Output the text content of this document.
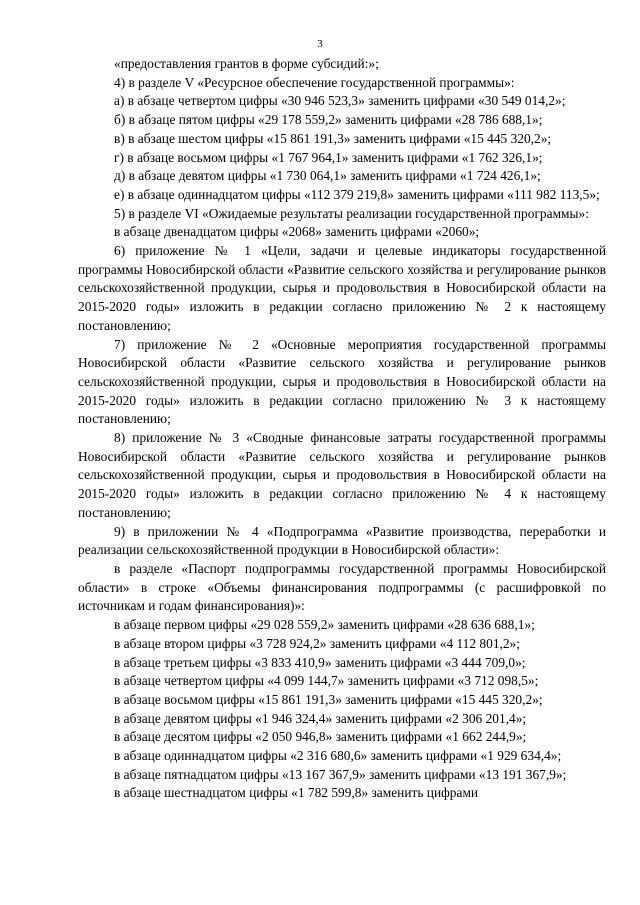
3

«предоставления грантов в форме субсидий:»;

4) в разделе V «Ресурсное обеспечение государственной программы»:

а) в абзаце четвертом цифры «30 946 523,3» заменить цифрами «30 549 014,2»;

б) в абзаце пятом цифры «29 178 559,2» заменить цифрами «28 786 688,1»;

в) в абзаце шестом цифры «15 861 191,3» заменить цифрами «15 445 320,2»;

г) в абзаце восьмом цифры «1 767 964,1» заменить цифрами «1 762 326,1»;

д) в абзаце девятом цифры «1 730 064,1» заменить цифрами «1 724 426,1»;

е) в абзаце одиннадцатом цифры «112 379 219,8» заменить цифрами «111 982 113,5»;

5) в разделе VI «Ожидаемые результаты реализации государственной программы»:

в абзаце двенадцатом цифры «2068» заменить цифрами «2060»;

6) приложение № 1 «Цели, задачи и целевые индикаторы государственной программы Новосибирской области «Развитие сельского хозяйства и регулирование рынков сельскохозяйственной продукции, сырья и продовольствия в Новосибирской области на 2015-2020 годы» изложить в редакции согласно приложению № 2 к настоящему постановлению;

7) приложение № 2 «Основные мероприятия государственной программы Новосибирской области «Развитие сельского хозяйства и регулирование рынков сельскохозяйственной продукции, сырья и продовольствия в Новосибирской области на 2015-2020 годы» изложить в редакции согласно приложению № 3 к настоящему постановлению;

8) приложение № 3 «Сводные финансовые затраты государственной программы Новосибирской области «Развитие сельского хозяйства и регулирование рынков сельскохозяйственной продукции, сырья и продовольствия в Новосибирской области на 2015-2020 годы» изложить в редакции согласно приложению № 4 к настоящему постановлению;

9) в приложении № 4 «Подпрограмма «Развитие производства, переработки и реализации сельскохозяйственной продукции в Новосибирской области»:

в разделе «Паспорт подпрограммы государственной программы Новосибирской области» в строке «Объемы финансирования подпрограммы (с расшифровкой по источникам и годам финансирования)»:

в абзаце первом цифры «29 028 559,2» заменить цифрами «28 636 688,1»;

в абзаце втором цифры «3 728 924,2» заменить цифрами «4 112 801,2»;

в абзаце третьем цифры «3 833 410,9» заменить цифрами «3 444 709,0»;

в абзаце четвертом цифры «4 099 144,7» заменить цифрами «3 712 098,5»;

в абзаце восьмом цифры «15 861 191,3» заменить цифрами «15 445 320,2»;

в абзаце девятом цифры «1 946 324,4» заменить цифрами «2 306 201,4»;

в абзаце десятом цифры «2 050 946,8» заменить цифрами «1 662 244,9»;

в абзаце одиннадцатом цифры «2 316 680,6» заменить цифрами «1 929 634,4»;

в абзаце пятнадцатом цифры «13 167 367,9» заменить цифрами «13 191 367,9»;

в абзаце шестнадцатом цифры «1 782 599,8» заменить цифрами
